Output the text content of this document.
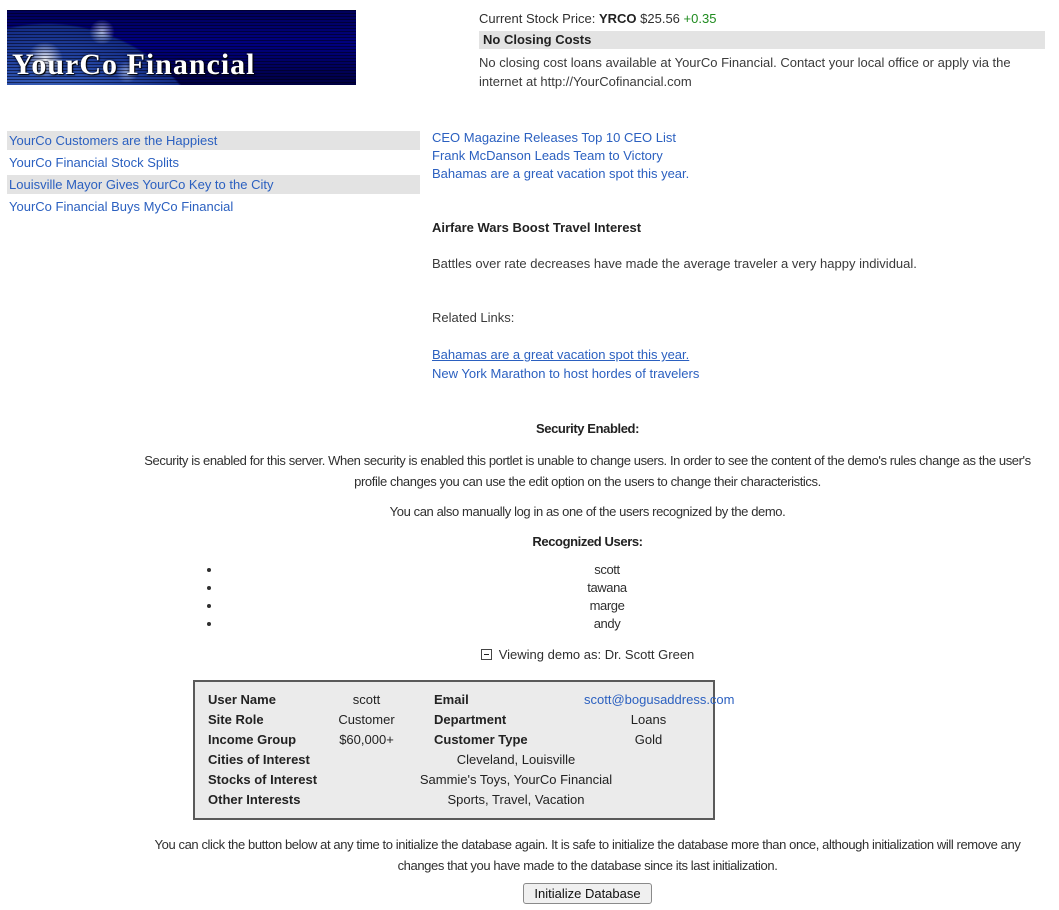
YourCo Financial
Current Stock Price: YRCO $25.56 +0.35
No Closing Costs
No closing cost loans available at YourCo Financial. Contact your local office or apply via the internet at http://YourCofinancial.com
YourCo Customers are the Happiest
YourCo Financial Stock Splits
Louisville Mayor Gives YourCo Key to the City
YourCo Financial Buys MyCo Financial
CEO Magazine Releases Top 10 CEO List
Frank McDanson Leads Team to Victory
Bahamas are a great vacation spot this year.
Airfare Wars Boost Travel Interest
Battles over rate decreases have made the average traveler a very happy individual.
Related Links:
Bahamas are a great vacation spot this year.
New York Marathon to host hordes of travelers
Security Enabled:

Security is enabled for this server. When security is enabled this portlet is unable to change users. In order to see the content of the demo's rules change as the user's profile changes you can use the edit option on the users to change their characteristics.

You can also manually log in as one of the users recognized by the demo.

Recognized Users:
• scott
• tawana
• marge
• andy
Viewing demo as: Dr. Scott Green
User Name	scott	Email	scott@bogusaddress.com
Site Role	Customer	Department	Loans
Income Group	$60,000+	Customer Type	Gold
Cities of Interest	Cleveland, Louisville		
Stocks of Interest	Sammie's Toys, YourCo Financial		
Other Interests	Sports, Travel, Vacation		

You can click the button below at any time to initialize the database again. It is safe to initialize the database more than once, although initialization will remove any changes that you have made to the database since its last initialization.

Initialize Database
